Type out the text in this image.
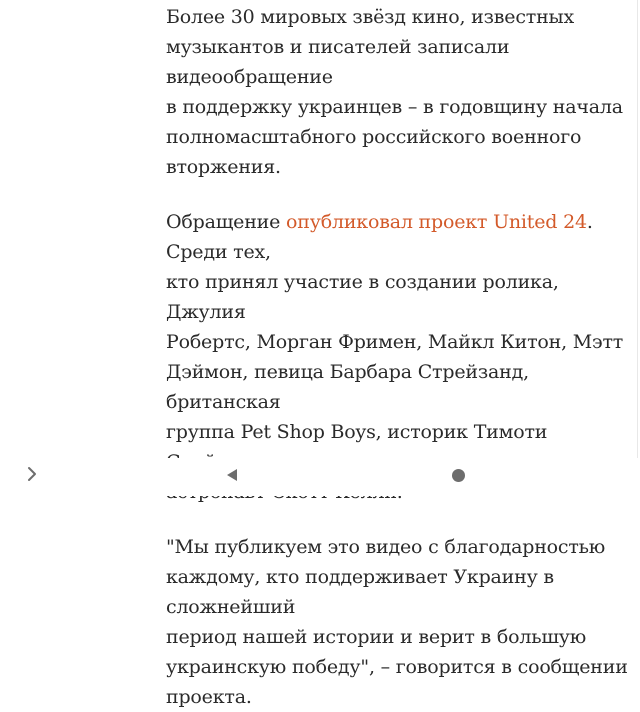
Более 30 мировых звёзд кино, известных
музыкантов и писателей записали видеообращение
в поддержку украинцев – в годовщину начала
полномасштабного российского военного вторжения.

Обращение опубликовал проект United 24. Среди тех,
кто принял участие в создании ролика, Джулия
Робертс, Морган Фримен, Майкл Китон, Мэтт
Дэймон, певица Барбара Стрейзанд, британская
группа Pet Shop Boys, историк Тимоти

"Мы публикуем это видео с благодарностью
каждому, кто поддерживает Украину в сложнейший
период нашей истории и верит в большую
украинскую победу", – говорится в сообщении
проекта.
